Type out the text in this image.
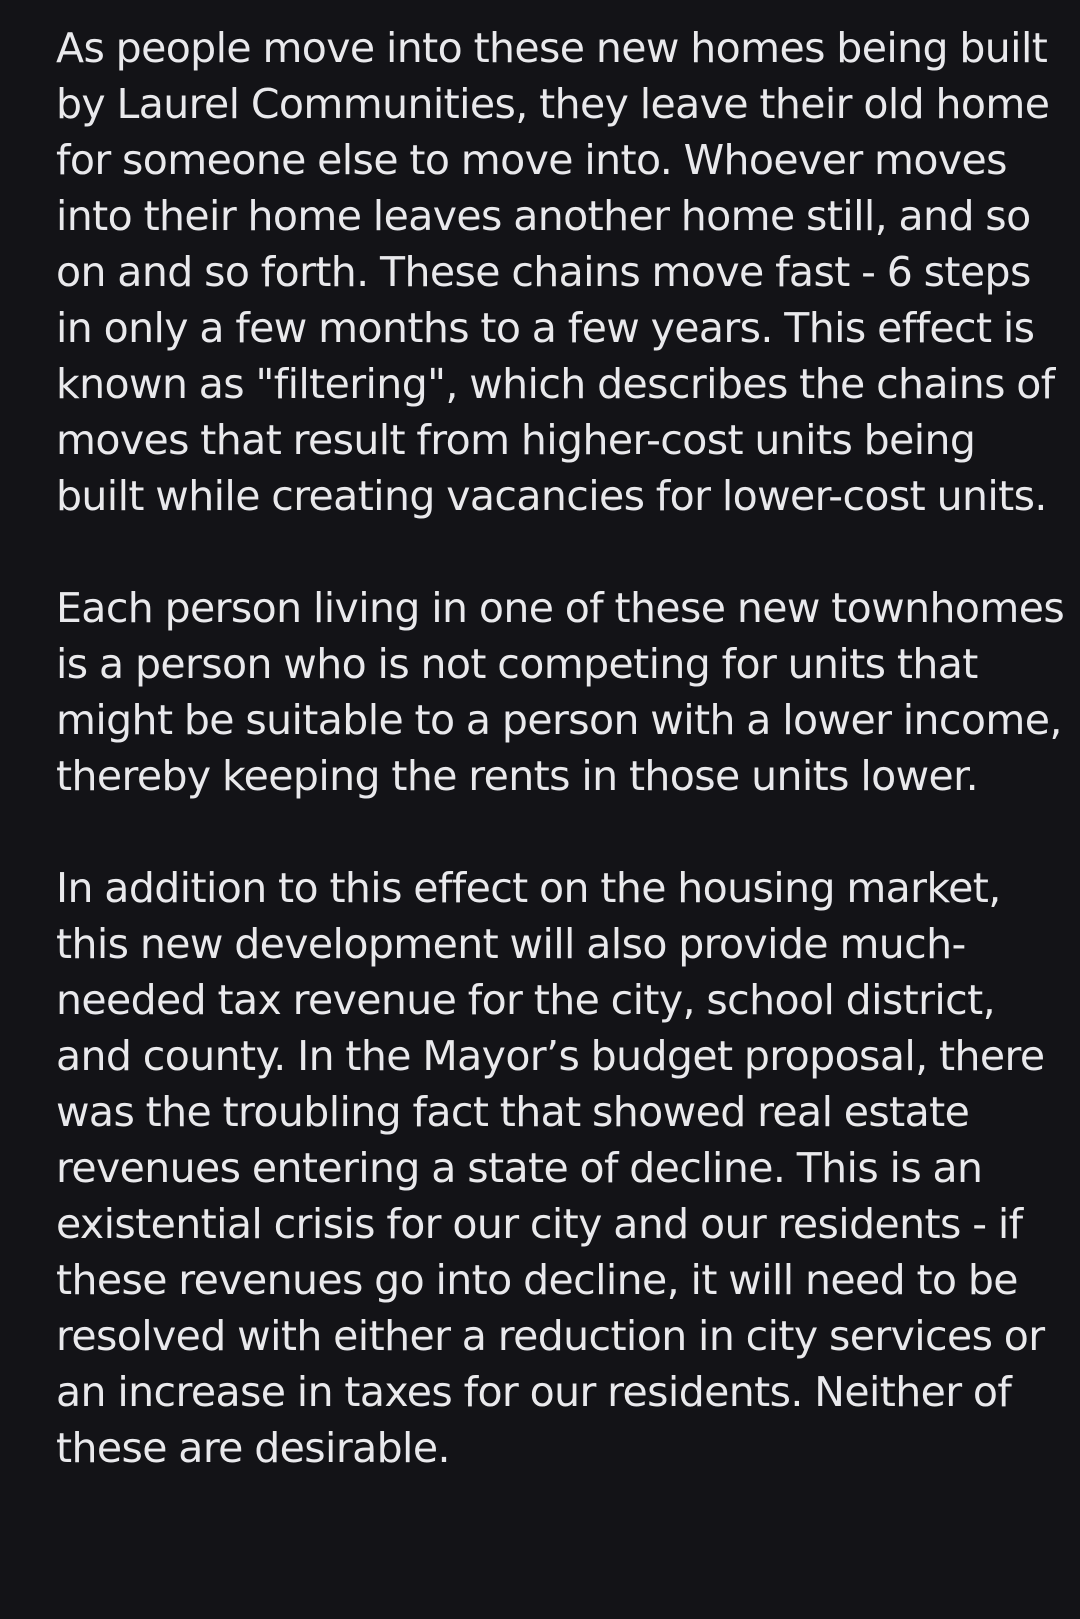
As people move into these new homes being built by Laurel Communities, they leave their old home for someone else to move into. Whoever moves into their home leaves another home still, and so on and so forth. These chains move fast - 6 steps in only a few months to a few years. This effect is known as "filtering", which describes the chains of moves that result from higher-cost units being built while creating vacancies for lower-cost units.

Each person living in one of these new townhomes is a person who is not competing for units that might be suitable to a person with a lower income, thereby keeping the rents in those units lower.

In addition to this effect on the housing market, this new development will also provide much-needed tax revenue for the city, school district, and county. In the Mayor’s budget proposal, there was the troubling fact that showed real estate revenues entering a state of decline. This is an existential crisis for our city and our residents - if these revenues go into decline, it will need to be resolved with either a reduction in city services or an increase in taxes for our residents. Neither of these are desirable.
